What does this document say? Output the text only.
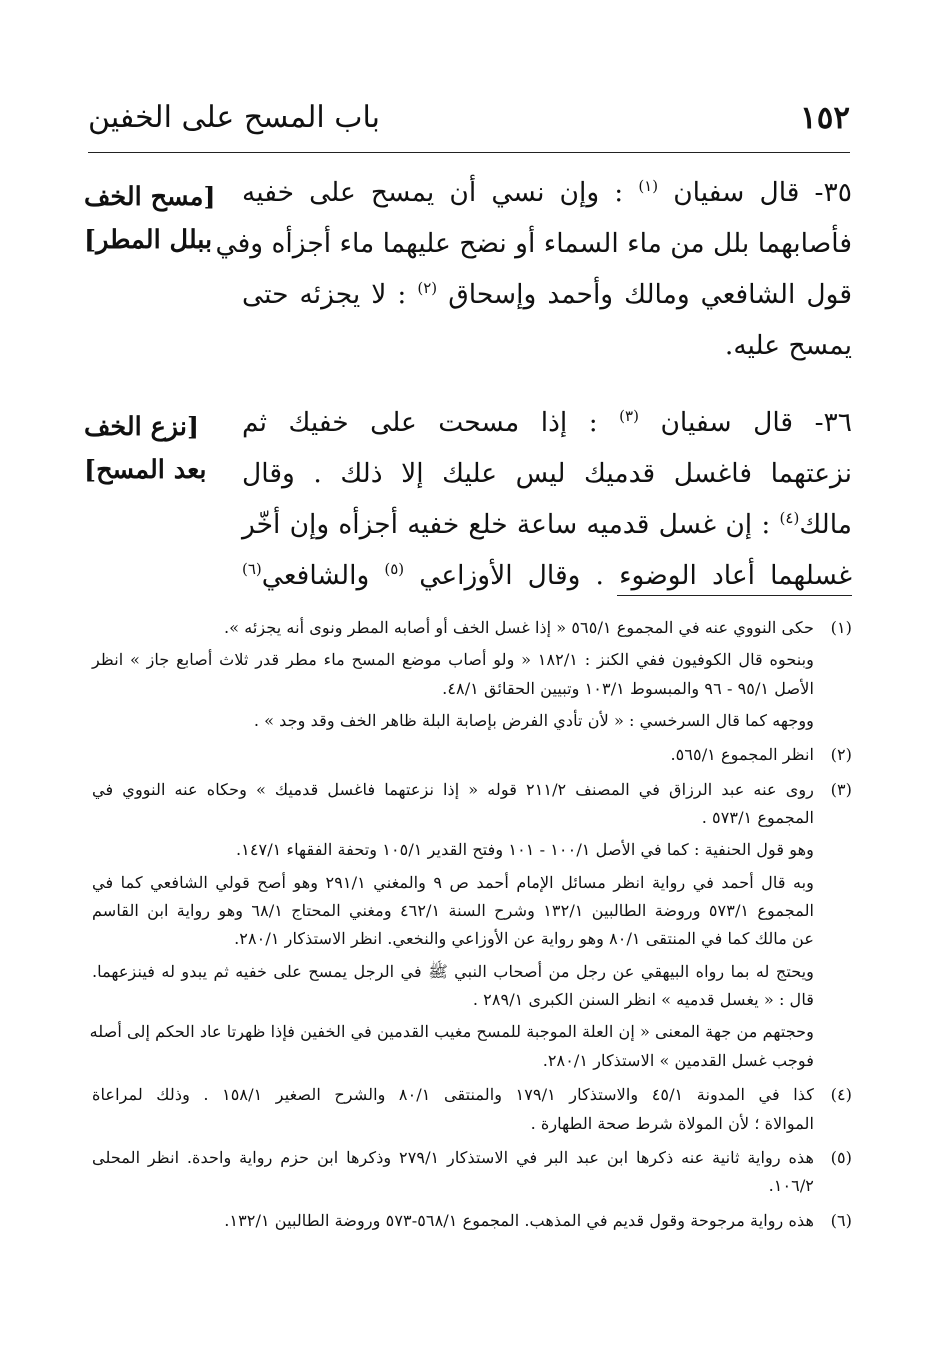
١٥٢
باب المسح على الخفين
٣٥- قال سفيان $^{(١)}$ : وإن نسي أن يمسح على خفيه
فأصابهما بلل من ماء السماء أو نضح عليهما ماء أجزأه وفي
قول الشافعي ومالك وأحمد وإسحاق $^{(٢)}$ : لا يجزئه حتى
يمسح عليه.
[مسح الخف
ببلل المطر]
٣٦- قال سفيان $^{(٣)}$ : إذا مسحت على خفيك ثم
نزعتهما فاغسل قدميك ليس عليك إلا ذلك . وقال
مالك$^{(٤)}$ : إن غسل قدميه ساعة خلع خفيه أجزأه وإن أخّر
غسلهما أعاد الوضوء . وقال الأوزاعي $^{(٥)}$ والشافعي$^{(٦)}$
[نزع الخف
بعد المسح]
(١)
حكى النووي عنه في المجموع ٥٦٥/١ « إذا غسل الخف أو أصابه المطر ونوى أنه يجزئه ».
وبنحوه قال الكوفيون ففي الكنز : ١٨٢/١ « ولو أصاب موضع المسح ماء مطر قدر ثلاث أصابع جاز » انظر
الأصل ٩٥/١ - ٩٦ والمبسوط ١٠٣/١ وتبيين الحقائق ٤٨/١.
ووجهه كما قال السرخسي : « لأن تأدي الفرض بإصابة البلة ظاهر الخف وقد وجد » .
(٢)
انظر المجموع ٥٦٥/١.
(٣)
روى عنه عبد الرزاق في المصنف ٢١١/٢ قوله « إذا نزعتهما فاغسل قدميك » وحكاه عنه النووي في
المجموع ٥٧٣/١ .
وهو قول الحنفية : كما في الأصل ١٠٠/١ - ١٠١ وفتح القدير ١٠٥/١ وتحفة الفقهاء ١٤٧/١.
وبه قال أحمد في رواية انظر مسائل الإمام أحمد ص ٩ والمغني ٢٩١/١ وهو أصح قولي الشافعي كما في
المجموع ٥٧٣/١ وروضة الطالبين ١٣٢/١ وشرح السنة ٤٦٢/١ ومغني المحتاج ٦٨/١ وهو رواية ابن القاسم
عن مالك كما في المنتقى ٨٠/١ وهو رواية عن الأوزاعي والنخعي. انظر الاستذكار ٢٨٠/١.
ويحتج له بما رواه البيهقي عن رجل من أصحاب النبي ﷺ في الرجل يمسح على خفيه ثم يبدو له فينزعهما.
قال : « يغسل قدميه » انظر السنن الكبرى ٢٨٩/١ .
وحجتهم من جهة المعنى « إن العلة الموجبة للمسح مغيب القدمين في الخفين فإذا ظهرتا عاد الحكم إلى أصله
فوجب غسل القدمين » الاستذكار ٢٨٠/١.
(٤)
كذا في المدونة ٤٥/١ والاستذكار ١٧٩/١ والمنتقى ٨٠/١ والشرح الصغير ١٥٨/١ . وذلك لمراعاة
الموالاة ؛ لأن المولاة شرط صحة الطهارة .
(٥)
هذه رواية ثانية عنه ذكرها ابن عبد البر في الاستذكار ٢٧٩/١ وذكرها ابن حزم رواية واحدة. انظر المحلى
١٠٦/٢.
(٦)
هذه رواية مرجوحة وقول قديم في المذهب. المجموع ٥٦٨/١-٥٧٣ وروضة الطالبين ١٣٢/١.
